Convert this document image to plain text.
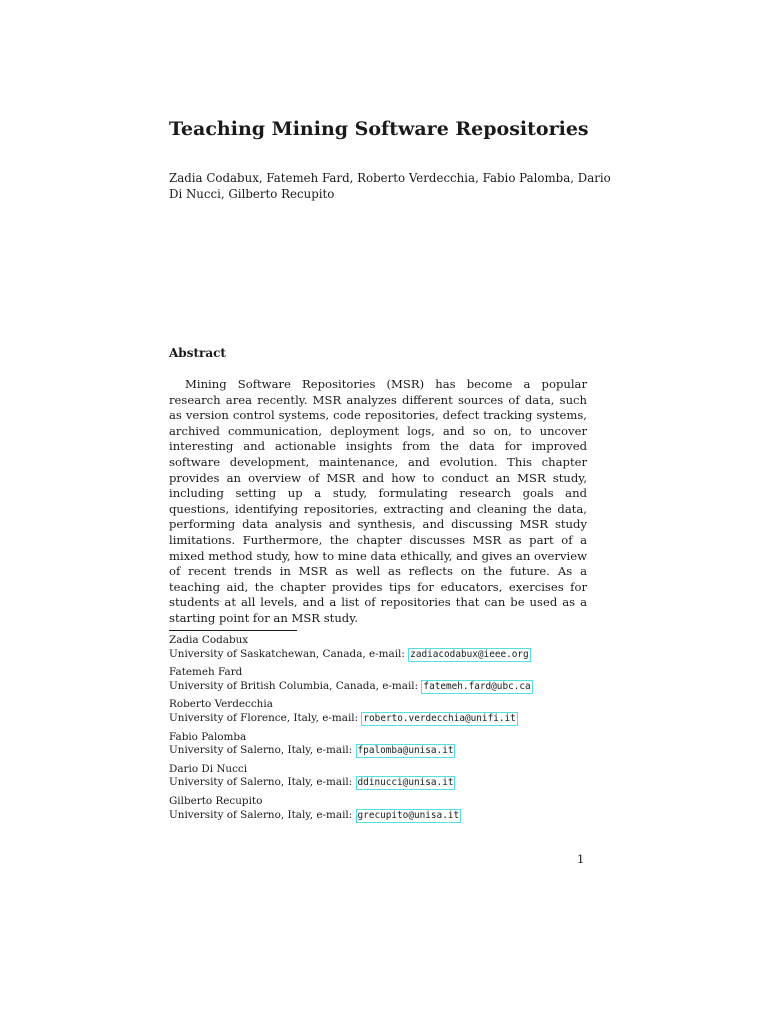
Teaching Mining Software Repositories
Zadia Codabux, Fatemeh Fard, Roberto Verdecchia, Fabio Palomba, Dario
Di Nucci, Gilberto Recupito
Abstract

Mining Software Repositories (MSR) has become a popular research area recently. MSR analyzes different sources of data, such as version control systems, code repositories, defect tracking systems, archived communication, deployment logs, and so on, to uncover interesting and actionable insights from the data for improved software development, maintenance, and evolution. This chapter provides an overview of MSR and how to conduct an MSR study, including setting up a study, formulating research goals and questions, identifying repositories, extracting and cleaning the data, performing data analysis and synthesis, and discussing MSR study limitations. Furthermore, the chapter discusses MSR as part of a mixed method study, how to mine data ethically, and gives an overview of recent trends in MSR as well as reflects on the future. As a teaching aid, the chapter provides tips for educators, exercises for students at all levels, and a list of repositories that can be used as a starting point for an MSR study.

Zadia Codabux
University of Saskatchewan, Canada, e-mail: zadiacodabux@ieee.org
Fatemeh Fard
University of British Columbia, Canada, e-mail: fatemeh.fard@ubc.ca
Roberto Verdecchia
University of Florence, Italy, e-mail: roberto.verdecchia@unifi.it
Fabio Palomba
University of Salerno, Italy, e-mail: fpalomba@unisa.it
Dario Di Nucci
University of Salerno, Italy, e-mail: ddinucci@unisa.it
Gilberto Recupito
University of Salerno, Italy, e-mail: grecupito@unisa.it
1
